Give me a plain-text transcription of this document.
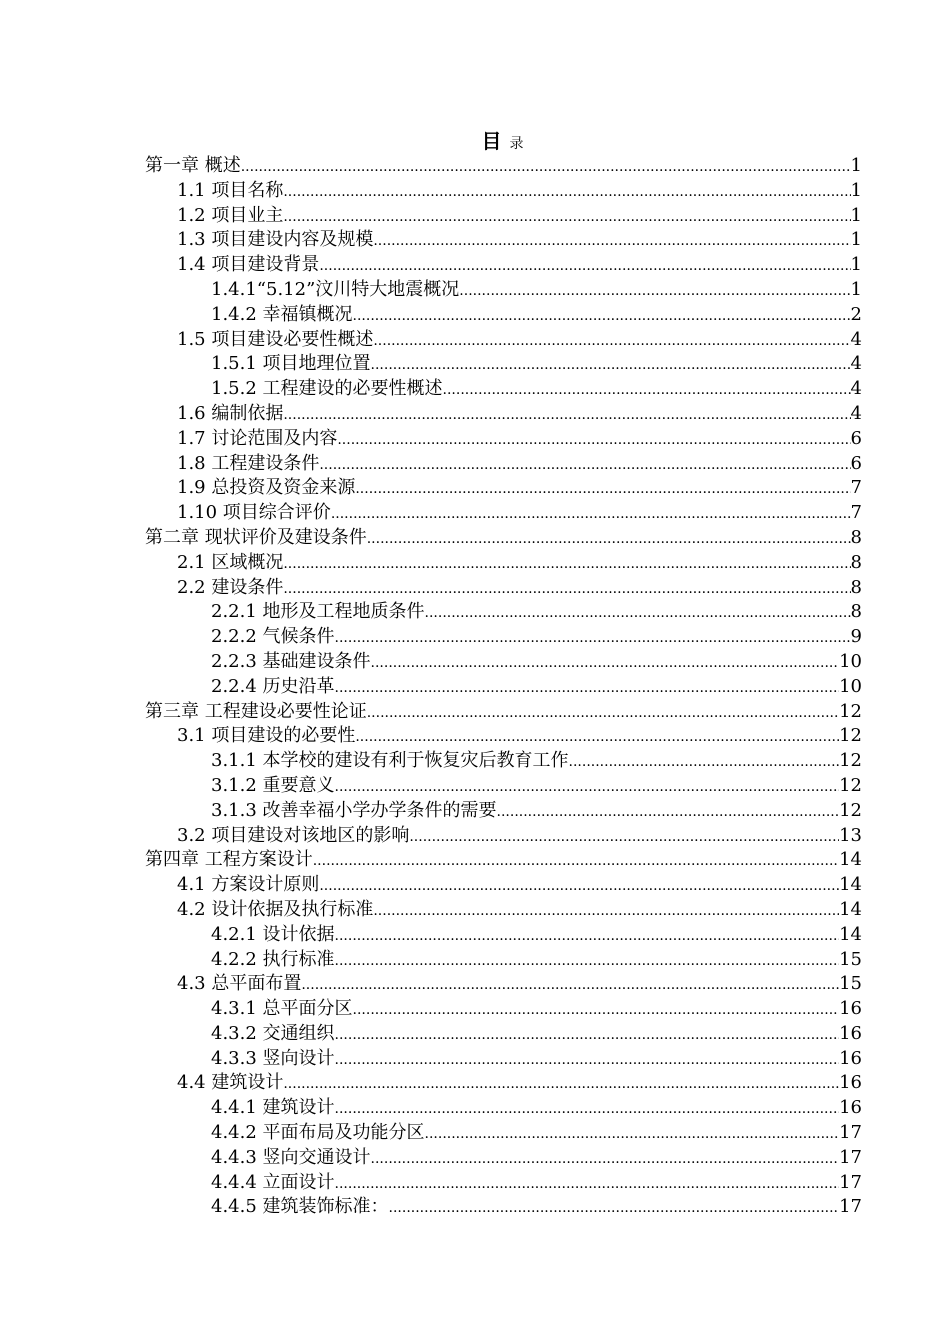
目 录
第一章 概述 .....	1
1.1 项目名称 .....	1
1.2 项目业主 .....	1
1.3 项目建设内容及规模 .....	1
1.4 项目建设背景 .....	1
1.4.1“5.12”汶川特大地震概况 .....	1
1.4.2 幸福镇概况 .....	2
1.5 项目建设必要性概述 .....	4
1.5.1 项目地理位置 .....	4
1.5.2 工程建设的必要性概述 .....	4
1.6 编制依据 .....	4
1.7 讨论范围及内容 .....	6
1.8 工程建设条件 .....	6
1.9 总投资及资金来源 .....	7
1.10 项目综合评价 .....	7
第二章 现状评价及建设条件 .....	8
2.1 区域概况 .....	8
2.2 建设条件 .....	8
2.2.1 地形及工程地质条件 .....	8
2.2.2 气候条件 .....	9
2.2.3 基础建设条件 .....	10
2.2.4 历史沿革 .....	10
第三章 工程建设必要性论证 .....	12
3.1 项目建设的必要性 .....	12
3.1.1 本学校的建设有利于恢复灾后教育工作 .....	12
3.1.2 重要意义 .....	12
3.1.3 改善幸福小学办学条件的需要 .....	12
3.2 项目建设对该地区的影响 .....	13
第四章 工程方案设计 .....	14
4.1 方案设计原则 .....	14
4.2 设计依据及执行标准 .....	14
4.2.1 设计依据 .....	14
4.2.2 执行标准 .....	15
4.3 总平面布置 .....	15
4.3.1 总平面分区 .....	16
4.3.2 交通组织 .....	16
4.3.3 竖向设计 .....	16
4.4 建筑设计 .....	16
4.4.1 建筑设计 .....	16
4.4.2 平面布局及功能分区 .....	17
4.4.3 竖向交通设计 .....	17
4.4.4 立面设计 .....	17
4.4.5 建筑装饰标准： .....	17
